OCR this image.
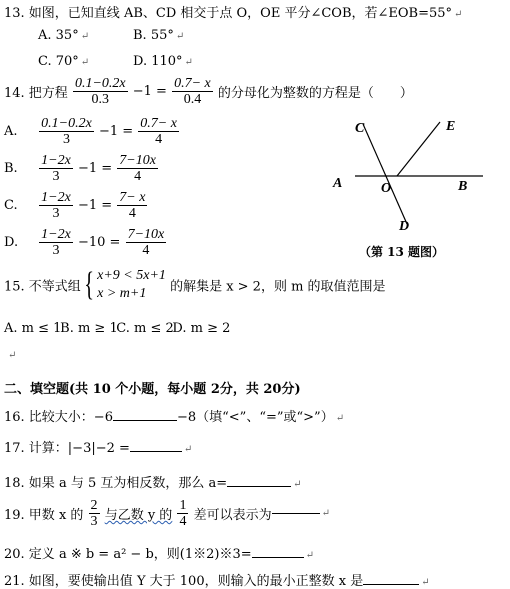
13. 如图，已知直线 AB、CD 相交于点 O，OE 平分∠COB，若∠EOB=55° ↵
A. 35° ↵	B. 55° ↵
C. 70° ↵	D. 110° ↵
14. 把方程 $\frac{0.1-0.2x}{0.3} -1 = \frac{0.7- x}{0.4}$ 的分母化为整数的方程是（　　）
A. $\frac{0.1-0.2x}{3} -1 = \frac{0.7- x}{4}$
B. $\frac{1-2x}{3} -1 = \frac{7-10x}{4}$
C. $\frac{1-2x}{3} -1 = \frac{7- x}{4}$
D. $\frac{1-2x}{3} -10 = \frac{7-10x}{4}$
C	E
A	O	B
D
（第 13 题图）
15. 不等式组{ x+9 < 5x+1
x > m+1	的解集是 x > 2，则 m 的取值范围是
A. m ≤ 1 B. m ≥ 1 C. m ≤ 2 D. m ≥ 2
↵
二、填空题(共 10 个小题，每小题 2分，共 20分)
16. 比较大小：−6	−8（填“<”、“=”或“>”） ↵
17. 计算：|−3|−2 =	↵
18. 如果 a 与 5 互为相反数，那么 a=	↵
19. 甲数 x 的 $\frac{2}{3}$ 与乙数 y 的 $\frac{1}{4}$ 差可以表示为	↵
20. 定义 a ※ b = a² − b，则(1※2)※3=	↵
21. 如图，要使输出值 Y 大于 100，则输入的最小正整数 x 是	↵
